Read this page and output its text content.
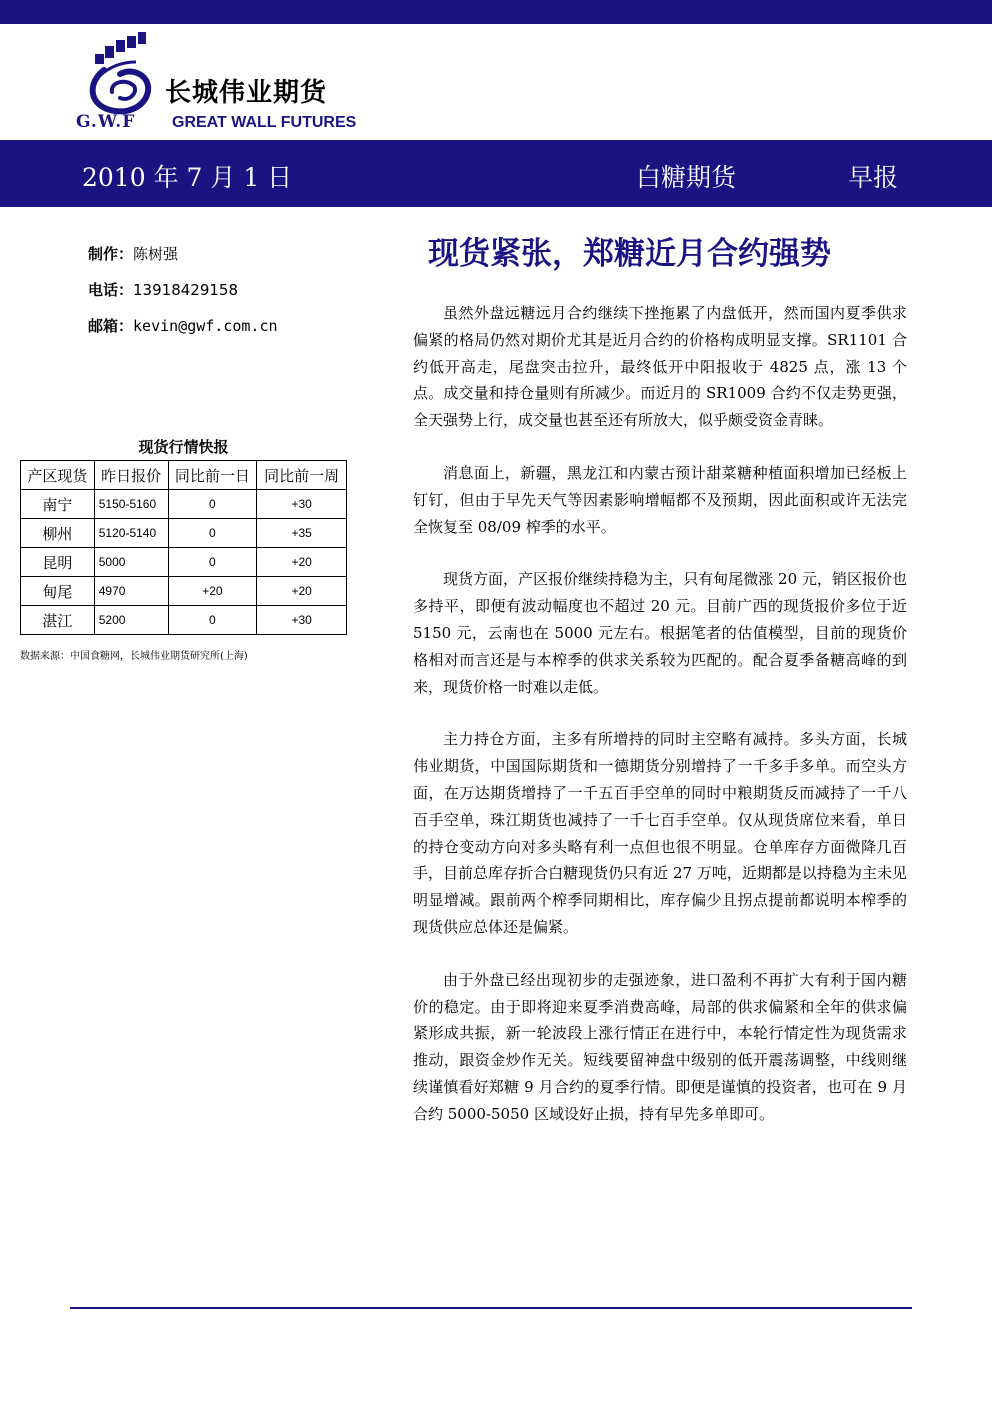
长城伟业期货
G.W.F GREAT WALL FUTURES
2010 年 7 月 1 日	白糖期货	早报
制作：陈树强
电话：13918429158
邮箱：kevin@gwf.com.cn
现货紧张，郑糖近月合约强势

虽然外盘远糖远月合约继续下挫拖累了内盘低开，然而国内夏季供求偏紧的格局仍然对期价尤其是近月合约的价格构成明显支撑。SR1101 合约低开高走，尾盘突击拉升，最终低开中阳报收于 4825 点，涨 13 个点。成交量和持仓量则有所减少。而近月的 SR1009 合约不仅走势更强，全天强势上行，成交量也甚至还有所放大，似乎颇受资金青睐。

消息面上，新疆，黑龙江和内蒙古预计甜菜糖种植面积增加已经板上钉钉，但由于早先天气等因素影响增幅都不及预期，因此面积或许无法完全恢复至 08/09 榨季的水平。

现货方面，产区报价继续持稳为主，只有甸尾微涨 20 元，销区报价也多持平，即便有波动幅度也不超过 20 元。目前广西的现货报价多位于近 5150 元，云南也在 5000 元左右。根据笔者的估值模型，目前的现货价格相对而言还是与本榨季的供求关系较为匹配的。配合夏季备糖高峰的到来，现货价格一时难以走低。

主力持仓方面，主多有所增持的同时主空略有减持。多头方面，长城伟业期货，中国国际期货和一德期货分别增持了一千多手多单。而空头方面，在万达期货增持了一千五百手空单的同时中粮期货反而减持了一千八百手空单，珠江期货也减持了一千七百手空单。仅从现货席位来看，单日的持仓变动方向对多头略有利一点但也很不明显。仓单库存方面微降几百手，目前总库存折合白糖现货仍只有近 27 万吨，近期都是以持稳为主未见明显增减。跟前两个榨季同期相比，库存偏少且拐点提前都说明本榨季的现货供应总体还是偏紧。

由于外盘已经出现初步的走强迹象，进口盈利不再扩大有利于国内糖价的稳定。由于即将迎来夏季消费高峰，局部的供求偏紧和全年的供求偏紧形成共振，新一轮波段上涨行情正在进行中，本轮行情定性为现货需求推动，跟资金炒作无关。短线要留神盘中级别的低开震荡调整，中线则继续谨慎看好郑糖 9 月合约的夏季行情。即便是谨慎的投资者，也可在 9 月合约 5000-5050 区域设好止损，持有早先多单即可。

现货行情快报
产区现货	昨日报价	同比前一日	同比前一周
南宁	5150-5160	0	+30
柳州	5120-5140	0	+35
昆明	5000	0	+20
甸尾	4970	+20	+20
湛江	5200	0	+30
数据来源：中国食糖网，长城伟业期货研究所(上海)
